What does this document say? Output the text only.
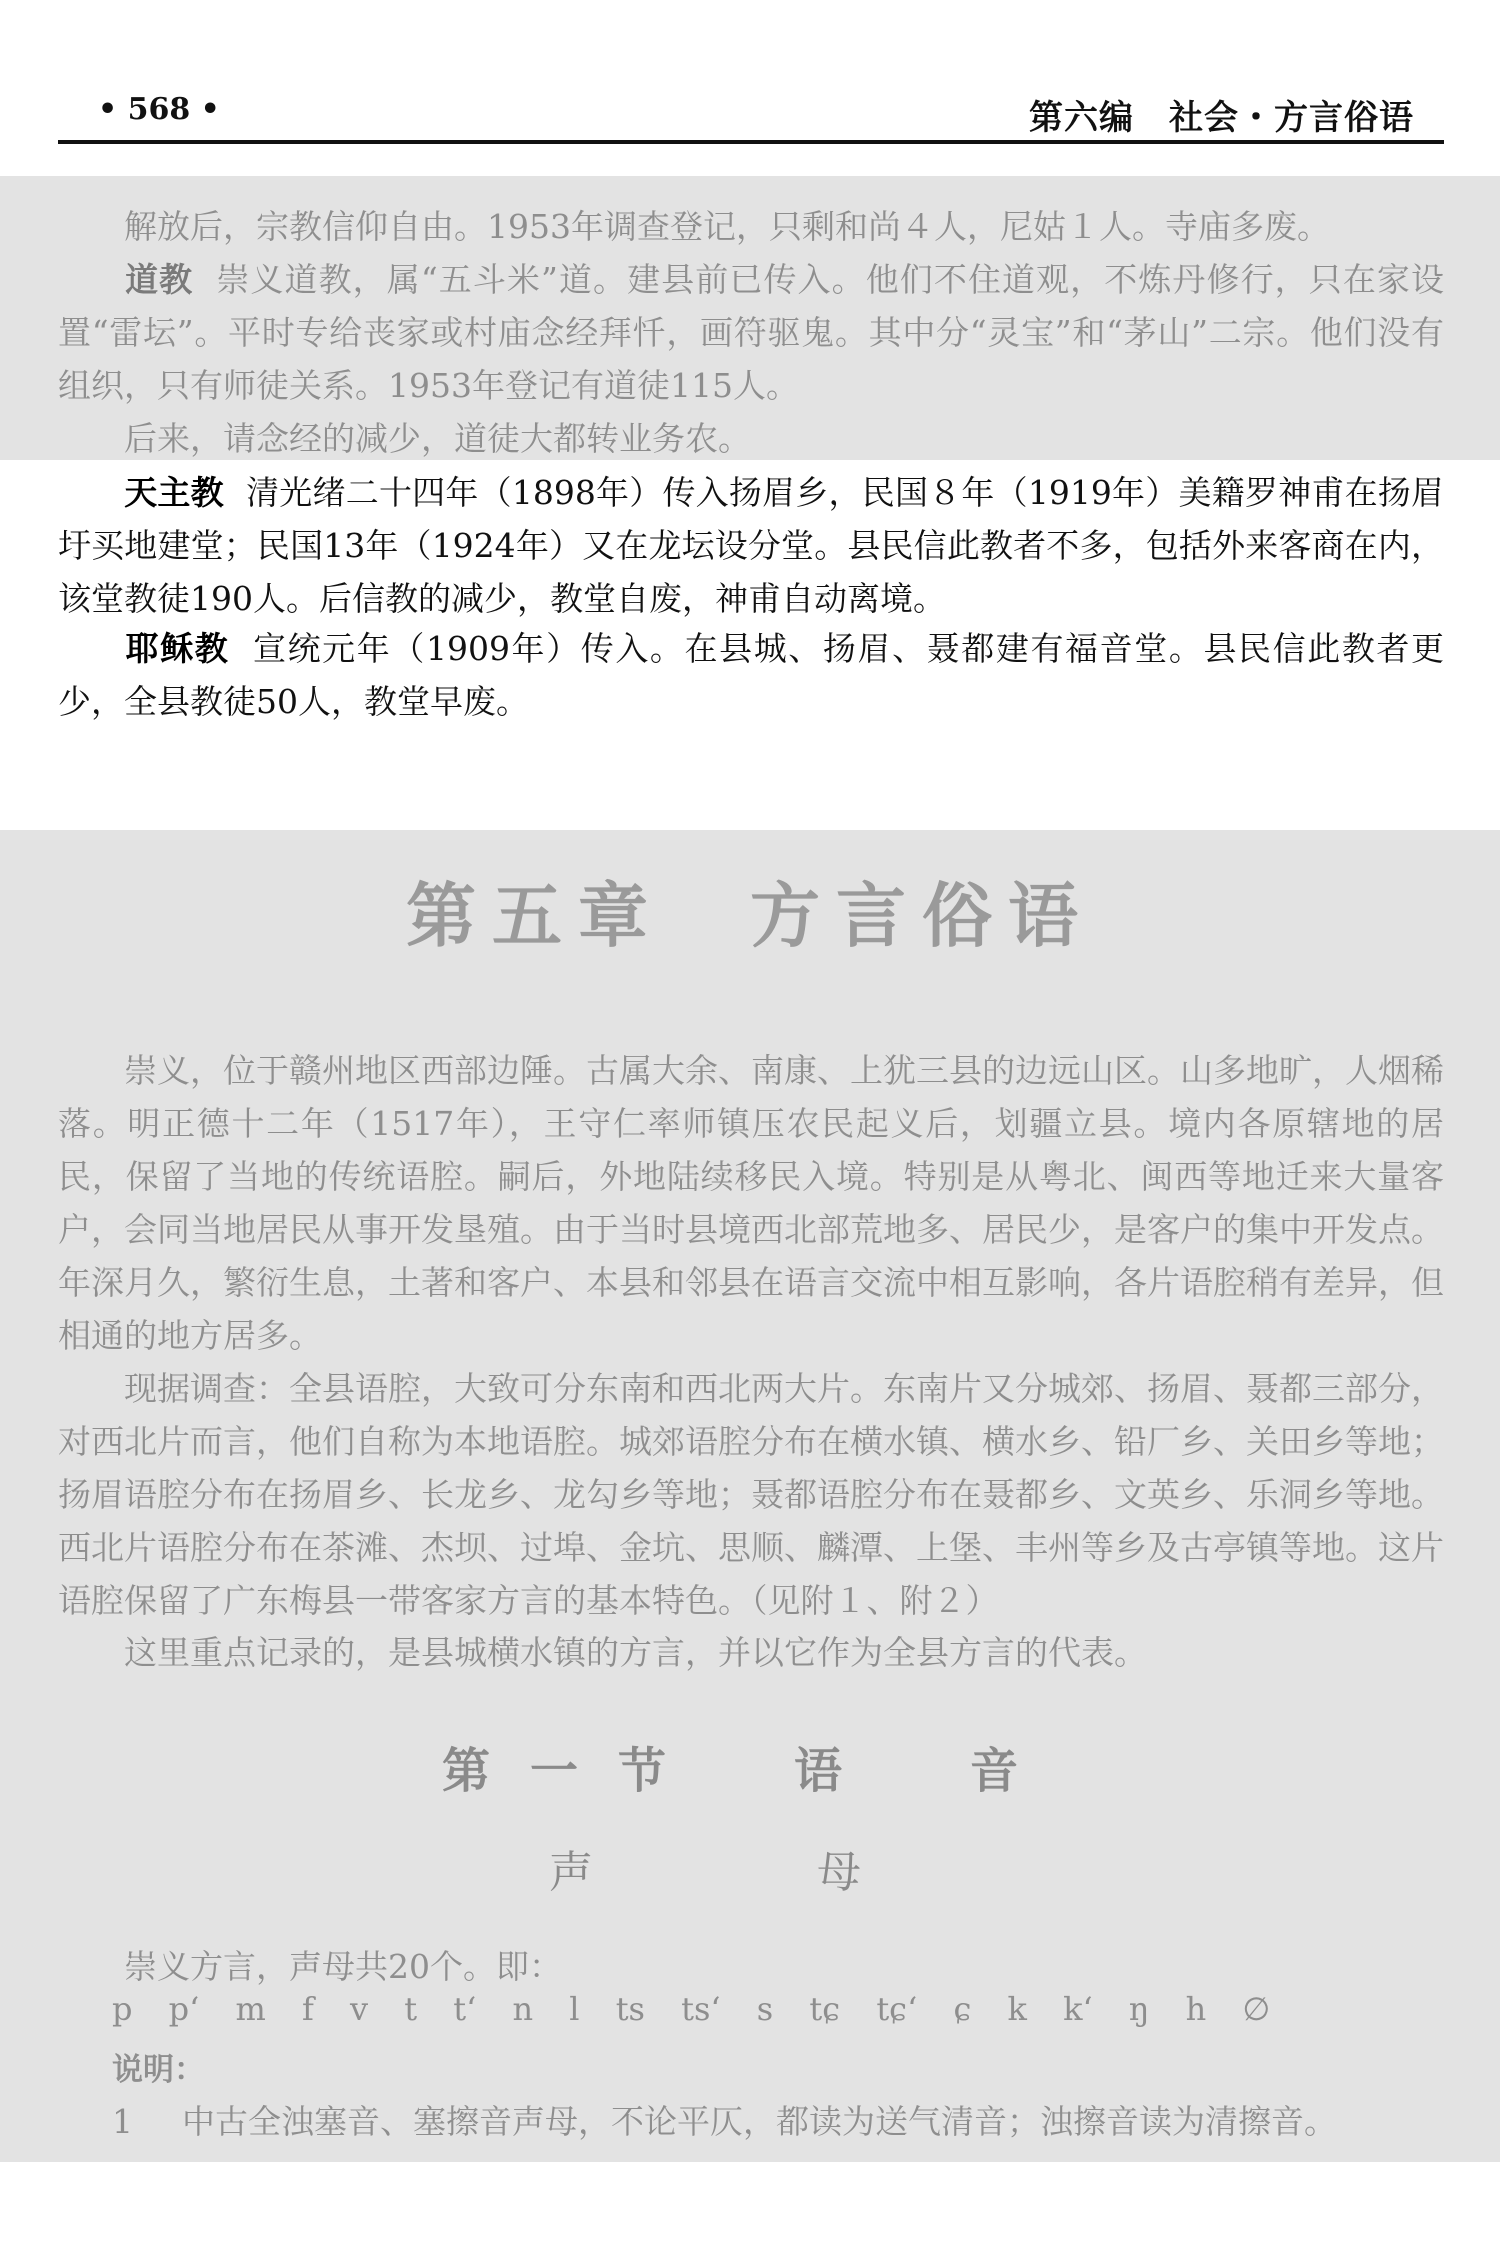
• 568 •	第六编　社会・方言俗语

解放后，宗教信仰自由。1953年调查登记，只剩和尚４人，尼姑１人。寺庙多废。

道教 崇义道教，属“五斗米”道。建县前已传入。他们不住道观，不炼丹修行，只在家设置“雷坛”。平时专给丧家或村庙念经拜忏，画符驱鬼。其中分“灵宝”和“茅山”二宗。他们没有组织，只有师徒关系。1953年登记有道徒115人。

后来，请念经的减少，道徒大都转业务农。

天主教 清光绪二十四年（1898年）传入扬眉乡，民国８年（1919年）美籍罗神甫在扬眉圩买地建堂；民国13年（1924年）又在龙坛设分堂。县民信此教者不多，包括外来客商在内，该堂教徒190人。后信教的减少，教堂自废，神甫自动离境。

耶稣教 宣统元年（1909年）传入。在县城、扬眉、聂都建有福音堂。县民信此教者更少，全县教徒50人，教堂早废。

第五章　方言俗语

崇义，位于赣州地区西部边陲。古属大余、南康、上犹三县的边远山区。山多地旷，人烟稀落。明正德十二年（1517年），王守仁率师镇压农民起义后，划疆立县。境内各原辖地的居民，保留了当地的传统语腔。嗣后，外地陆续移民入境。特别是从粤北、闽西等地迁来大量客户，会同当地居民从事开发垦殖。由于当时县境西北部荒地多、居民少，是客户的集中开发点。年深月久，繁衍生息，土著和客户、本县和邻县在语言交流中相互影响，各片语腔稍有差异，但相通的地方居多。

现据调查：全县语腔，大致可分东南和西北两大片。东南片又分城郊、扬眉、聂都三部分，对西北片而言，他们自称为本地语腔。城郊语腔分布在横水镇、横水乡、铅厂乡、关田乡等地；扬眉语腔分布在扬眉乡、长龙乡、龙勾乡等地；聂都语腔分布在聂都乡、文英乡、乐洞乡等地。西北片语腔分布在茶滩、杰坝、过埠、金坑、思顺、麟潭、上堡、丰州等乡及古亭镇等地。这片语腔保留了广东梅县一带客家方言的基本特色。（见附１、附２）

这里重点记录的，是县城横水镇的方言，并以它作为全县方言的代表。

第一节　语　音
声　母

崇义方言，声母共20个。即：

p pʻ m f v t tʻ n l ts tsʻ s tɕ tɕʻ ɕ k kʻ ŋ h ∅
说明：
1 中古全浊塞音、塞擦音声母，不论平仄，都读为送气清音；浊擦音读为清擦音。
